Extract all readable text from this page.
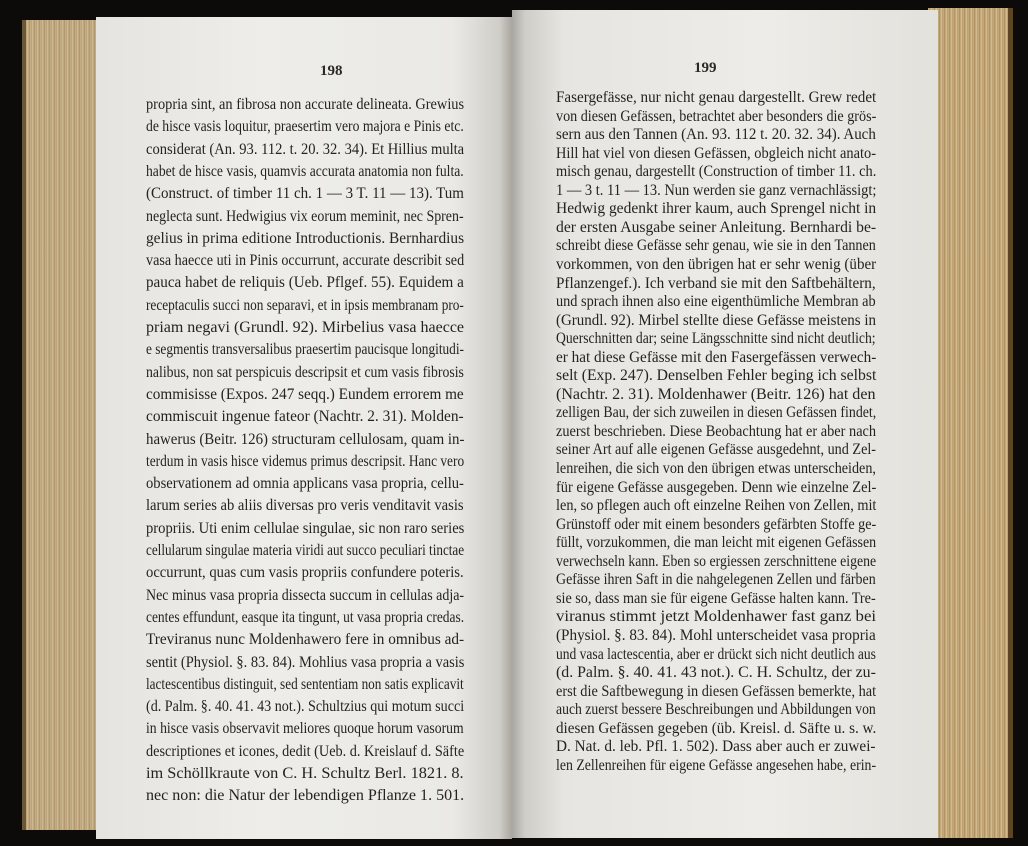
198
propria sint, an fibrosa non accurate delineata. Grewius
de hisce vasis loquitur, praesertim vero majora e Pinis etc.
considerat (An. 93. 112. t. 20. 32. 34). Et Hillius multa
habet de hisce vasis, quamvis accurata anatomia non fulta.
(Construct. of timber 11 ch. 1 — 3 T. 11 — 13). Tum
neglecta sunt. Hedwigius vix eorum meminit, nec Spren-
gelius in prima editione Introductionis. Bernhardius
vasa haecce uti in Pinis occurrunt, accurate describit sed
pauca habet de reliquis (Ueb. Pflgef. 55). Equidem a
receptaculis succi non separavi, et in ipsis membranam pro-
priam negavi (Grundl. 92). Mirbelius vasa haecce
e segmentis transversalibus praesertim paucisque longitudi-
nalibus, non sat perspicuis descripsit et cum vasis fibrosis
commisisse (Expos. 247 seqq.) Eundem errorem me
commiscuit ingenue fateor (Nachtr. 2. 31). Molden-
hawerus (Beitr. 126) structuram cellulosam, quam in-
terdum in vasis hisce videmus primus descripsit. Hanc vero
observationem ad omnia applicans vasa propria, cellu-
larum series ab aliis diversas pro veris venditavit vasis
propriis. Uti enim cellulae singulae, sic non raro series
cellularum singulae materia viridi aut succo peculiari tinctae
occurrunt, quas cum vasis propriis confundere poteris.
Nec minus vasa propria dissecta succum in cellulas adja-
centes effundunt, easque ita tingunt, ut vasa propria credas.
Treviranus nunc Moldenhawero fere in omnibus ad-
sentit (Physiol. §. 83. 84). Mohlius vasa propria a vasis
lactescentibus distinguit, sed sententiam non satis explicavit
(d. Palm. §. 40. 41. 43 not.). Schultzius qui motum succi
in hisce vasis observavit meliores quoque horum vasorum
descriptiones et icones, dedit (Ueb. d. Kreislauf d. Säfte
im Schöllkraute von C. H. Schultz Berl. 1821. 8.
nec non: die Natur der lebendigen Pflanze 1. 501.
199
Fasergefässe, nur nicht genau dargestellt. Grew redet
von diesen Gefässen, betrachtet aber besonders die grös-
sern aus den Tannen (An. 93. 112 t. 20. 32. 34). Auch
Hill hat viel von diesen Gefässen, obgleich nicht anato-
misch genau, dargestellt (Construction of timber 11. ch.
1 — 3 t. 11 — 13. Nun werden sie ganz vernachlässigt;
Hedwig gedenkt ihrer kaum, auch Sprengel nicht in
der ersten Ausgabe seiner Anleitung. Bernhardi be-
schreibt diese Gefässe sehr genau, wie sie in den Tannen
vorkommen, von den übrigen hat er sehr wenig (über
Pflanzengef.). Ich verband sie mit den Saftbehältern,
und sprach ihnen also eine eigenthümliche Membran ab
(Grundl. 92). Mirbel stellte diese Gefässe meistens in
Querschnitten dar; seine Längsschnitte sind nicht deutlich;
er hat diese Gefässe mit den Fasergefässen verwech-
selt (Exp. 247). Denselben Fehler beging ich selbst
(Nachtr. 2. 31). Moldenhawer (Beitr. 126) hat den
zelligen Bau, der sich zuweilen in diesen Gefässen findet,
zuerst beschrieben. Diese Beobachtung hat er aber nach
seiner Art auf alle eigenen Gefässe ausgedehnt, und Zel-
lenreihen, die sich von den übrigen etwas unterscheiden,
für eigene Gefässe ausgegeben. Denn wie einzelne Zel-
len, so pflegen auch oft einzelne Reihen von Zellen, mit
Grünstoff oder mit einem besonders gefärbten Stoffe ge-
füllt, vorzukommen, die man leicht mit eigenen Gefässen
verwechseln kann. Eben so ergiessen zerschnittene eigene
Gefässe ihren Saft in die nahgelegenen Zellen und färben
sie so, dass man sie für eigene Gefässe halten kann. Tre-
viranus stimmt jetzt Moldenhawer fast ganz bei
(Physiol. §. 83. 84). Mohl unterscheidet vasa propria
und vasa lactescentia, aber er drückt sich nicht deutlich aus
(d. Palm. §. 40. 41. 43 not.). C. H. Schultz, der zu-
erst die Saftbewegung in diesen Gefässen bemerkte, hat
auch zuerst bessere Beschreibungen und Abbildungen von
diesen Gefässen gegeben (üb. Kreisl. d. Säfte u. s. w.
D. Nat. d. leb. Pfl. 1. 502). Dass aber auch er zuwei-
len Zellenreihen für eigene Gefässe angesehen habe, erin-
